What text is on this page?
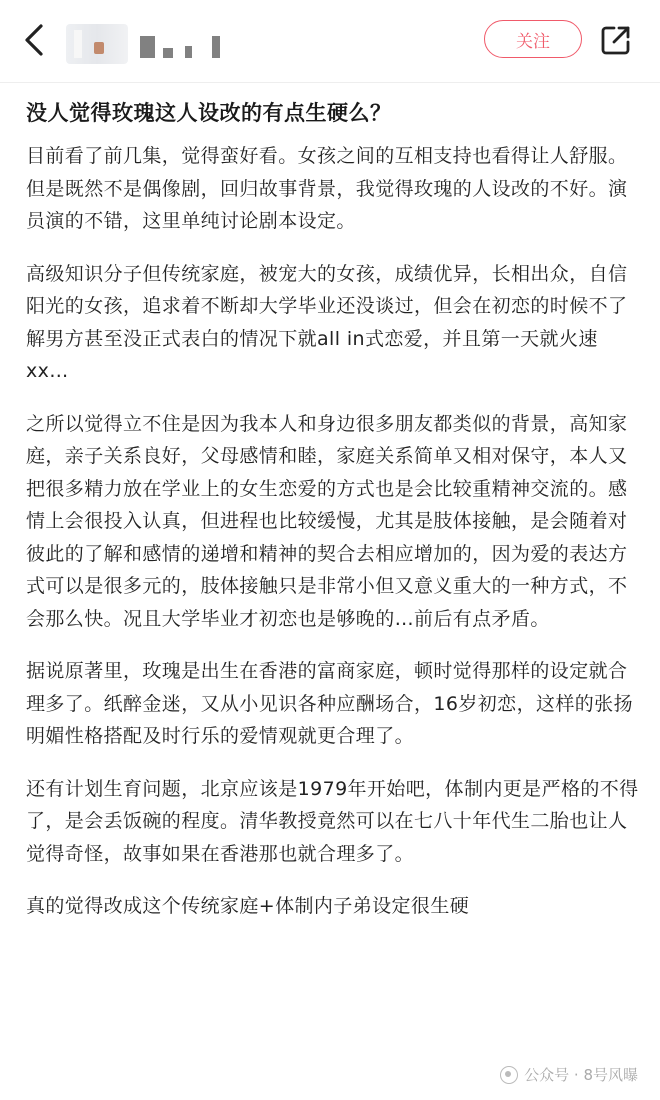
关注
没人觉得玫瑰这人设改的有点生硬么？

目前看了前几集，觉得蛮好看。女孩之间的互相支持也看得让人舒服。但是既然不是偶像剧，回归故事背景，我觉得玫瑰的人设改的不好。演员演的不错，这里单纯讨论剧本设定。

高级知识分子但传统家庭，被宠大的女孩，成绩优异，长相出众，自信阳光的女孩，追求着不断却大学毕业还没谈过，但会在初恋的时候不了解男方甚至没正式表白的情况下就all in式恋爱，并且第一天就火速xx…

之所以觉得立不住是因为我本人和身边很多朋友都类似的背景，高知家庭，亲子关系良好，父母感情和睦，家庭关系简单又相对保守，本人又把很多精力放在学业上的女生恋爱的方式也是会比较重精神交流的。感情上会很投入认真，但进程也比较缓慢，尤其是肢体接触，是会随着对彼此的了解和感情的递增和精神的契合去相应增加的，因为爱的表达方式可以是很多元的，肢体接触只是非常小但又意义重大的一种方式，不会那么快。况且大学毕业才初恋也是够晚的…前后有点矛盾。

据说原著里，玫瑰是出生在香港的富商家庭，顿时觉得那样的设定就合理多了。纸醉金迷，又从小见识各种应酬场合，16岁初恋，这样的张扬明媚性格搭配及时行乐的爱情观就更合理了。

还有计划生育问题，北京应该是1979年开始吧，体制内更是严格的不得了，是会丢饭碗的程度。清华教授竟然可以在七八十年代生二胎也让人觉得奇怪，故事如果在香港那也就合理多了。

真的觉得改成这个传统家庭+体制内子弟设定很生硬

公众号 · 8号风曝
